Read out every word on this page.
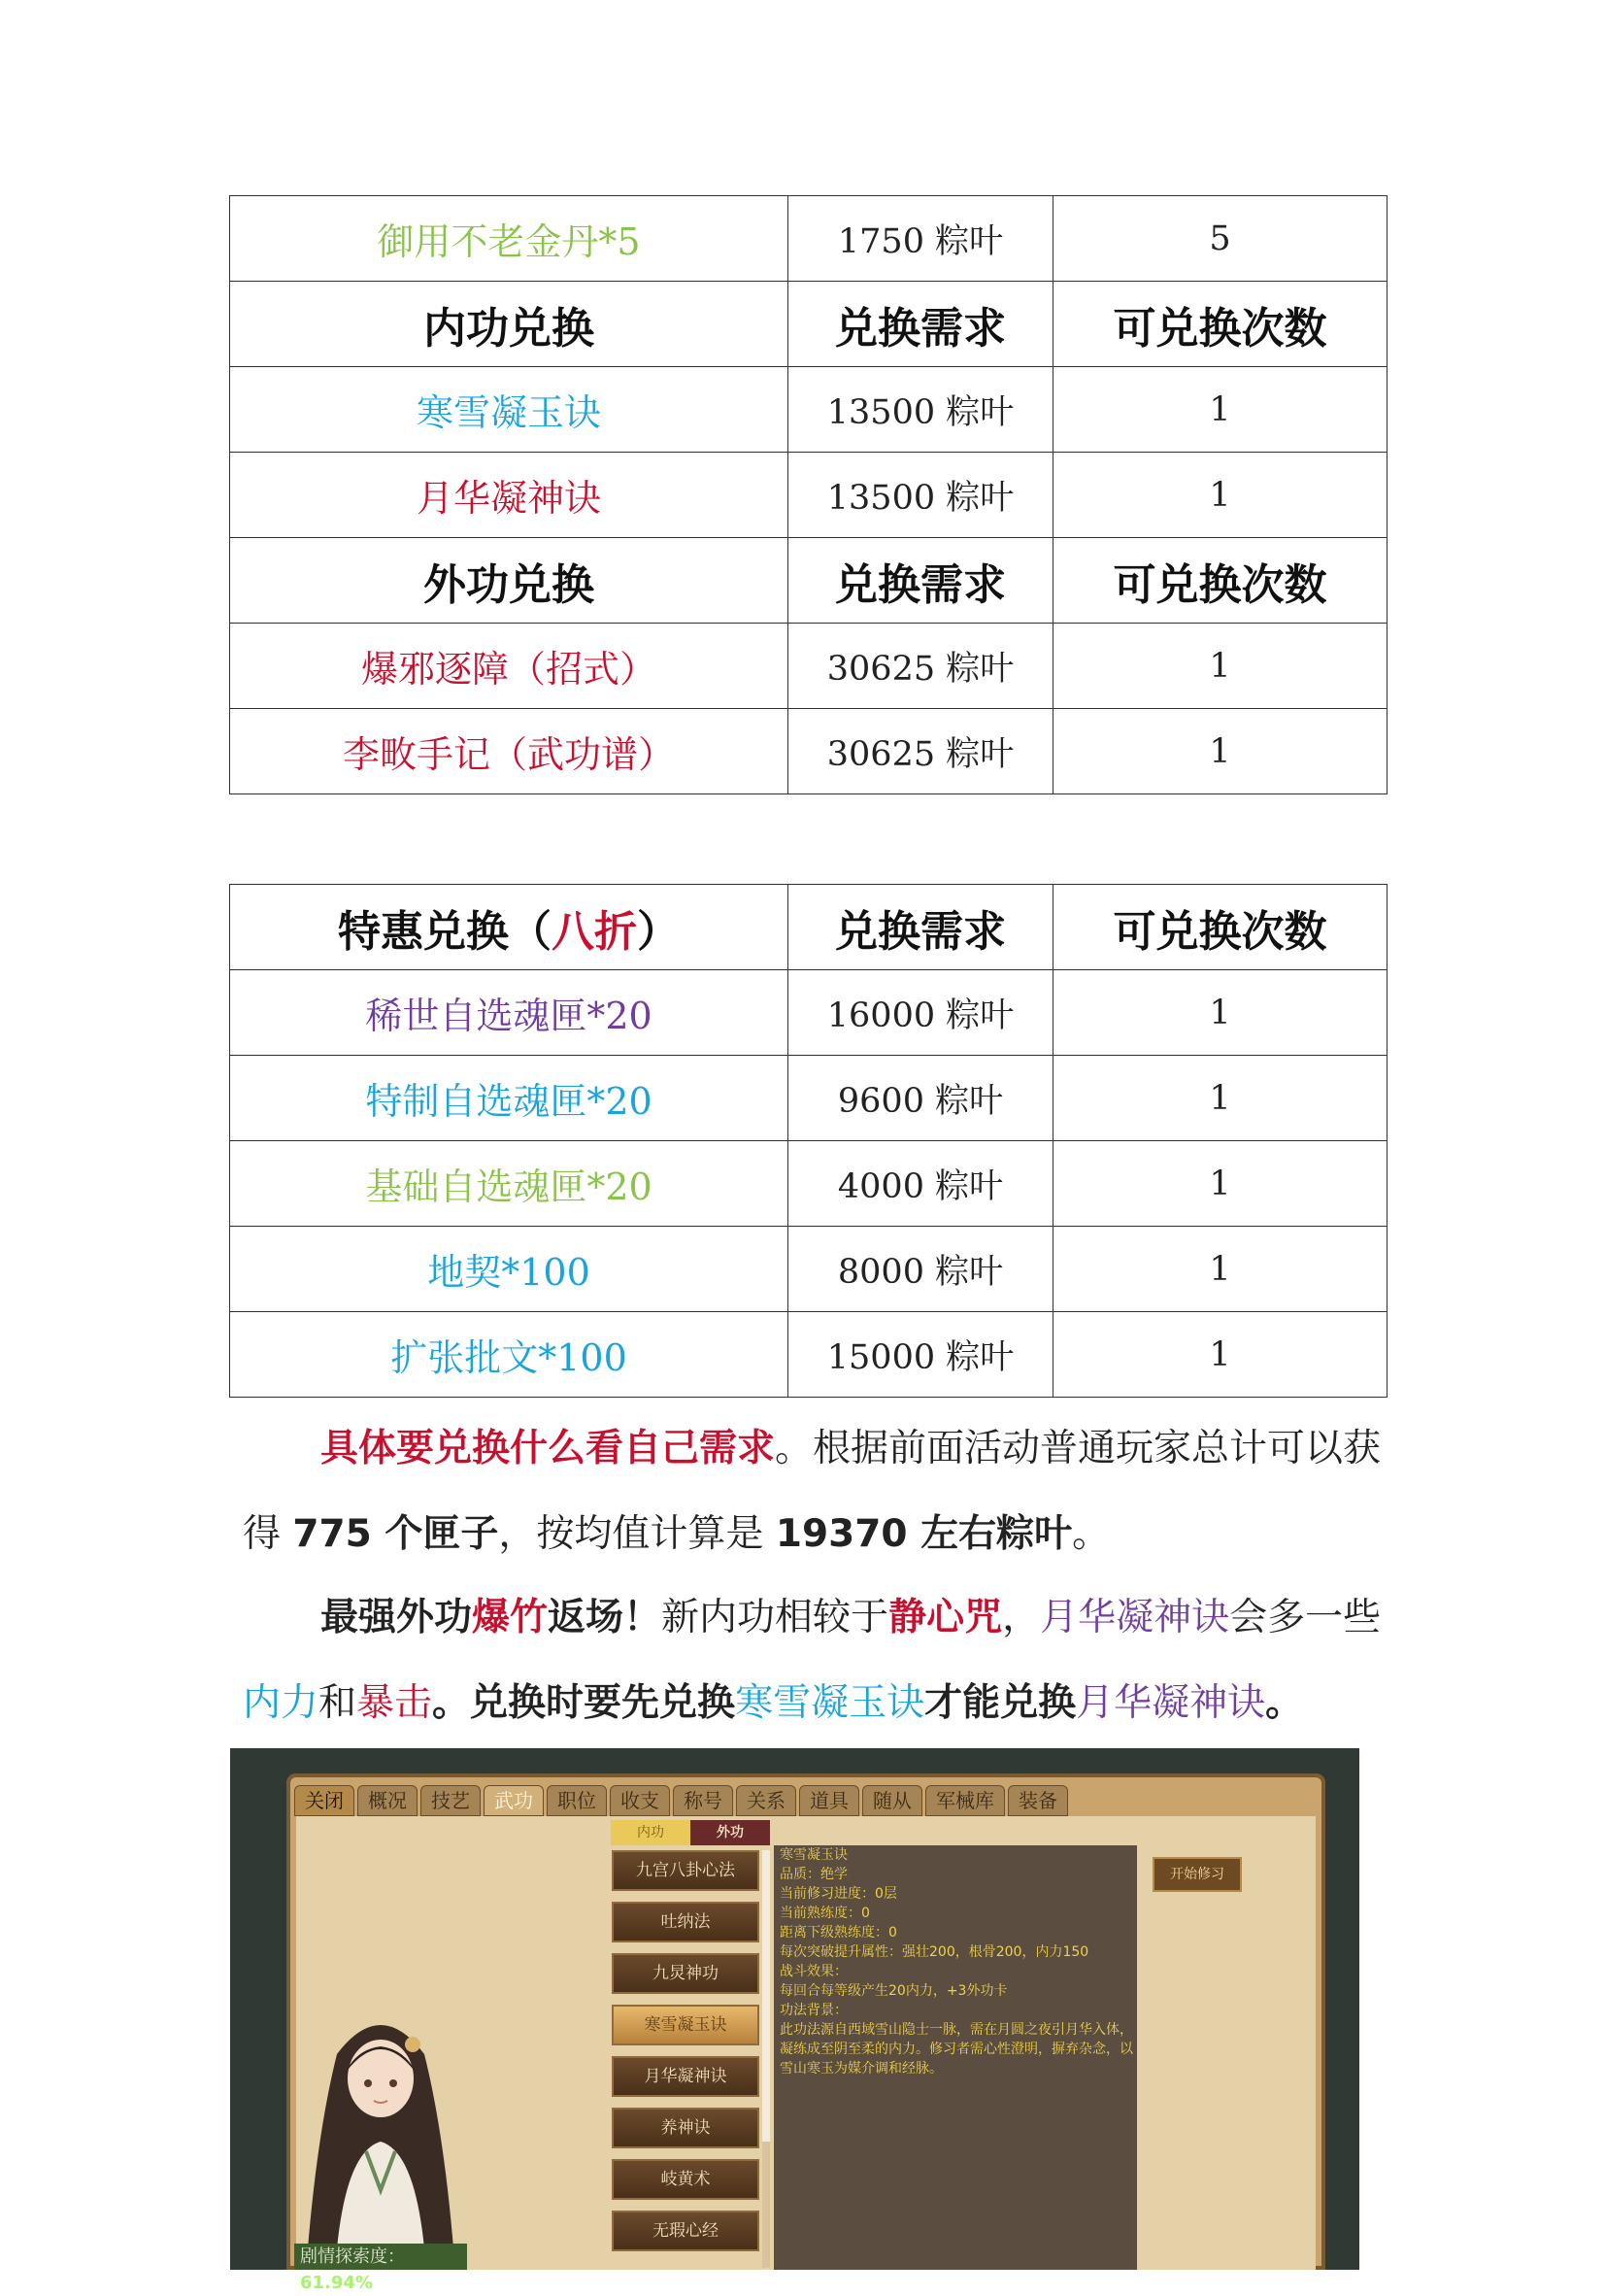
御用不老金丹*5	1750 粽叶	5
内功兑换	兑换需求	可兑换次数
寒雪凝玉诀	13500 粽叶	1
月华凝神诀	13500 粽叶	1
外功兑换	兑换需求	可兑换次数
爆邪逐障（招式）	30625 粽叶	1
李畋手记（武功谱）	30625 粽叶	1
特惠兑换（八折）	兑换需求	可兑换次数
稀世自选魂匣*20	16000 粽叶	1
特制自选魂匣*20	9600 粽叶	1
基础自选魂匣*20	4000 粽叶	1
地契*100	8000 粽叶	1
扩张批文*100	15000 粽叶	1

具体要兑换什么看自己需求。根据前面活动普通玩家总计可以获

得 775 个匣子，按均值计算是 19370 左右粽叶。

最强外功爆竹返场！新内功相较于静心咒，月华凝神诀会多一些

内力和暴击。兑换时要先兑换寒雪凝玉诀才能兑换月华凝神诀。

关闭	概况	技艺	武功	职位	收支	称号	关系	道具	随从	军械库	装备
内功	外功
九宫八卦心法
吐纳法
九炅神功
寒雪凝玉诀
月华凝神诀
养神诀
岐黄术
无瑕心经
寒雪凝玉诀
品质：绝学
当前修习进度：0层
当前熟练度：0
距离下级熟练度：0
每次突破提升属性：强壮200，根骨200，内力150
战斗效果：
每回合每等级产生20内力，+3外功卡
功法背景：
此功法源自西域雪山隐士一脉，需在月圆之夜引月华入体，凝练成至阴至柔的内力。修习者需心性澄明，摒弃杂念，以雪山寒玉为媒介调和经脉。
开始修习
剧情探索度：61.94%
